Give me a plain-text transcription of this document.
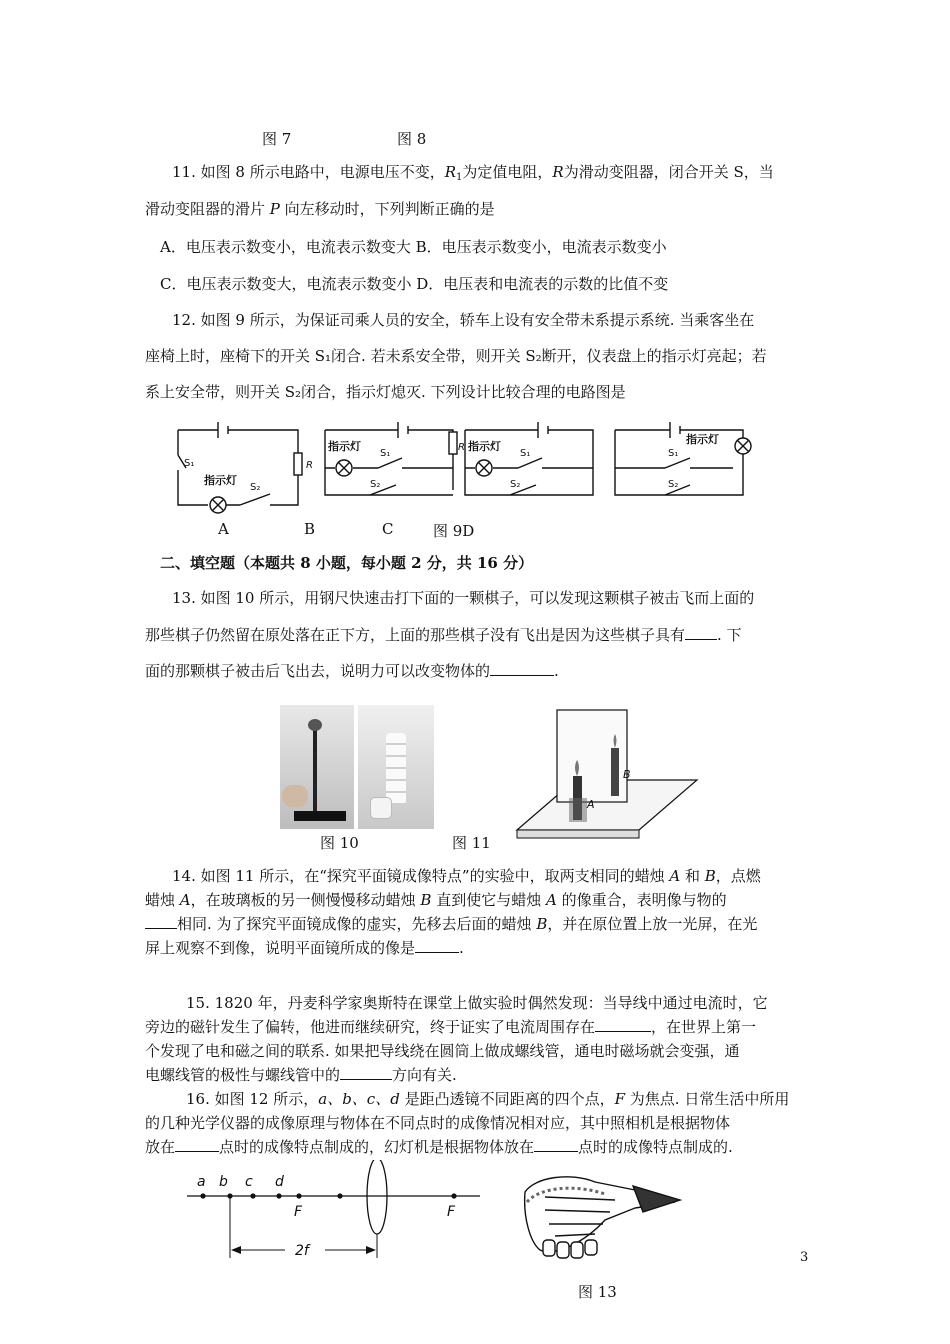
图 7	图 8
11. 如图 8 所示电路中，电源电压不变，$R_1$为定值电阻，R为滑动变阻器，闭合开关 S，当
滑动变阻器的滑片 P 向左移动时，下列判断正确的是
A．电压表示数变小，电流表示数变大 B．电压表示数变小，电流表示数变小
C．电压表示数变大，电流表示数变小 D．电压表和电流表的示数的比值不变
12. 如图 9 所示，为保证司乘人员的安全，轿车上设有安全带未系提示系统. 当乘客坐在
座椅上时，座椅下的开关 S₁闭合. 若未系安全带，则开关 S₂断开，仪表盘上的指示灯亮起；若
系上安全带，则开关 S₂闭合，指示灯熄灭. 下列设计比较合理的电路图是
S₁
S₂
R
S₁
S₂
R
S₁
S₂
S₁
S₂
指示灯
指示灯	指示灯
指示灯
A	B	C	图 9D
二、填空题（本题共 8 小题，每小题 2 分，共 16 分）
13. 如图 10 所示，用钢尺快速击打下面的一颗棋子，可以发现这颗棋子被击飞而上面的
那些棋子仍然留在原处落在正下方，上面的那些棋子没有飞出是因为这些棋子具有 . 下
面的那颗棋子被击后飞出去，说明力可以改变物体的	.
图 10	图 11
B
A
14. 如图 11 所示，在“探究平面镜成像特点”的实验中，取两支相同的蜡烛 A 和 B，点燃
蜡烛 A，在玻璃板的另一侧慢慢移动蜡烛 B 直到使它与蜡烛 A 的像重合，表明像与物的
相同. 为了探究平面镜成像的虚实，先移去后面的蜡烛 B，并在原位置上放一光屏，在光
屏上观察不到像，说明平面镜所成的像是	.
15. 1820 年，丹麦科学家奥斯特在课堂上做实验时偶然发现：当导线中通过电流时，它
旁边的磁针发生了偏转，他进而继续研究，终于证实了电流周围存在	，在世界上第一
个发现了电和磁之间的联系. 如果把导线绕在圆筒上做成螺线管，通电时磁场就会变强，通
电螺线管的极性与螺线管中的	方向有关.
16. 如图 12 所示，a、b、c、d 是距凸透镜不同距离的四个点，F 为焦点. 日常生活中所用
的几种光学仪器的成像原理与物体在不同点时的成像情况相对应，其中照相机是根据物体
放在	点时的成像特点制成的，幻灯机是根据物体放在	点时的成像特点制成的.
a b c d
F	F
2f
图 13
3
